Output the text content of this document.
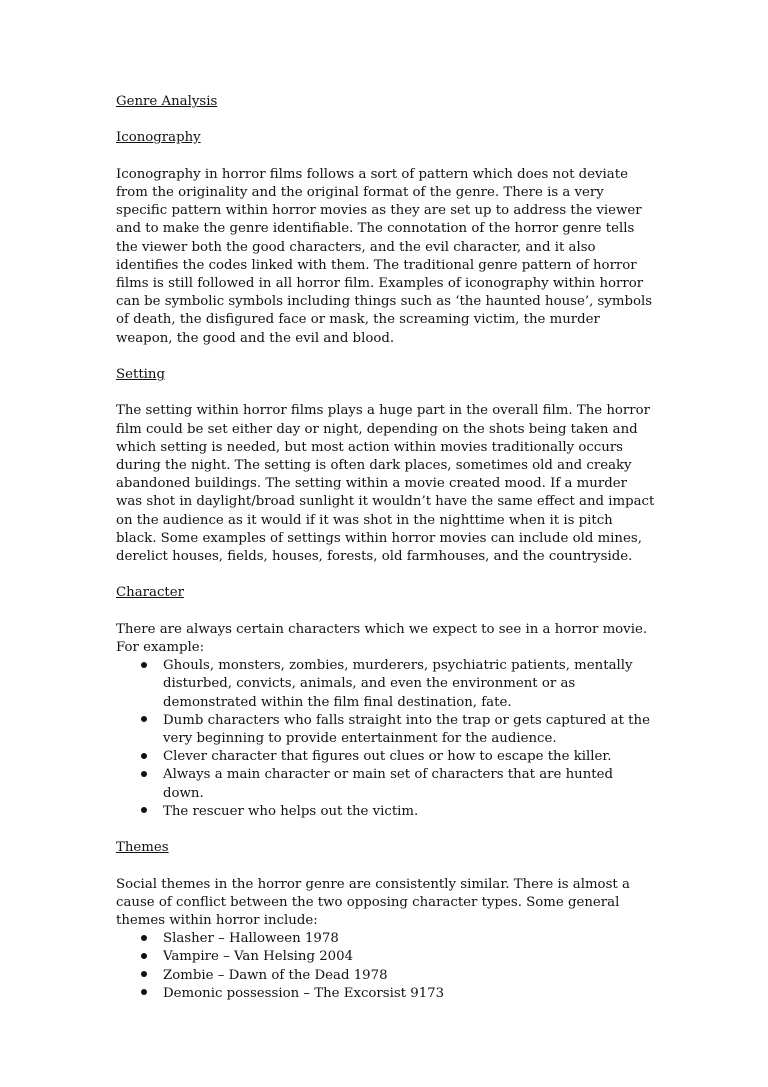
Genre Analysis
Iconography
Iconography in horror films follows a sort of pattern which does not deviate from the originality and the original format of the genre. There is a very specific pattern within horror movies as they are set up to address the viewer and to make the genre identifiable. The connotation of the horror genre tells the viewer both the good characters, and the evil character, and it also identifies the codes linked with them. The traditional genre pattern of horror films is still followed in all horror film. Examples of iconography within horror can be symbolic symbols including things such as ‘the haunted house’, symbols of death, the disfigured face or mask, the screaming victim, the murder weapon, the good and the evil and blood.
Setting
The setting within horror films plays a huge part in the overall film. The horror film could be set either day or night, depending on the shots being taken and which setting is needed, but most action within movies traditionally occurs during the night. The setting is often dark places, sometimes old and creaky abandoned buildings. The setting within a movie created mood. If a murder was shot in daylight/broad sunlight it wouldn’t have the same effect and impact on the audience as it would if it was shot in the nighttime when it is pitch black. Some examples of settings within horror movies can include old mines, derelict houses, fields, houses, forests, old farmhouses, and the countryside.
Character
There are always certain characters which we expect to see in a horror movie. For example:
Ghouls, monsters, zombies, murderers, psychiatric patients, mentally disturbed, convicts, animals, and even the environment or as demonstrated within the film final destination, fate.
Dumb characters who falls straight into the trap or gets captured at the very beginning to provide entertainment for the audience.
Clever character that figures out clues or how to escape the killer.
Always a main character or main set of characters that are hunted down.
The rescuer who helps out the victim.
Themes
Social themes in the horror genre are consistently similar. There is almost a cause of conflict between the two opposing character types. Some general themes within horror include:
Slasher – Halloween 1978
Vampire – Van Helsing 2004
Zombie – Dawn of the Dead 1978
Demonic possession – The Excorsist 9173
